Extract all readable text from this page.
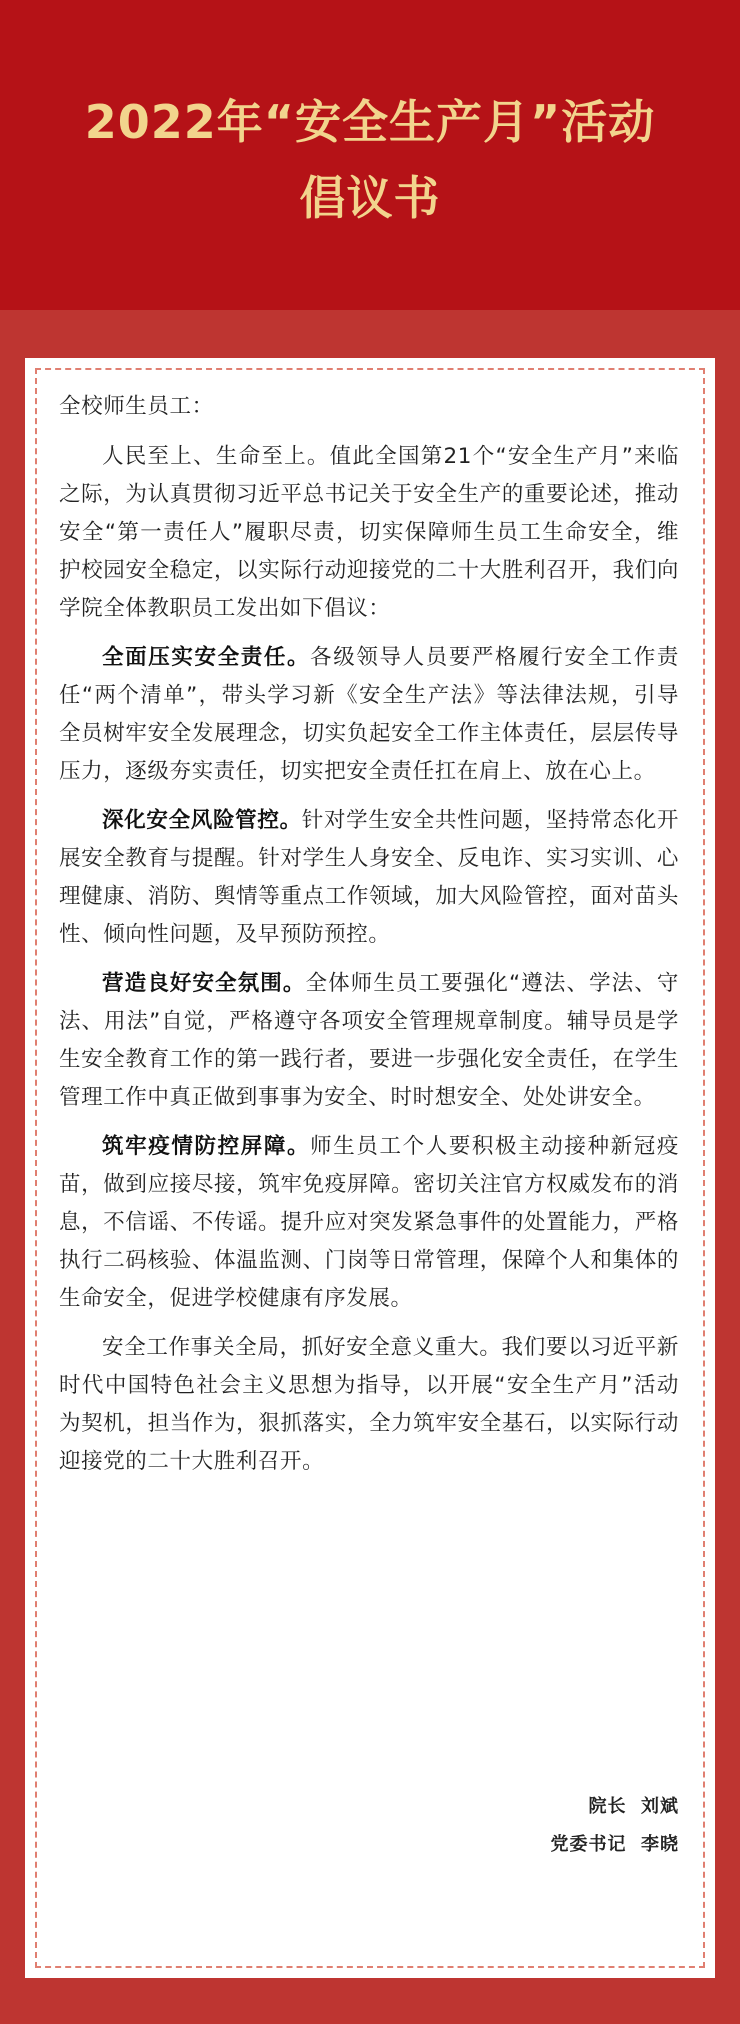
2022年“安全生产月”活动
倡议书

全校师生员工：

人民至上、生命至上。值此全国第21个“安全生产月”来临之际，为认真贯彻习近平总书记关于安全生产的重要论述，推动安全“第一责任人”履职尽责，切实保障师生员工生命安全，维护校园安全稳定，以实际行动迎接党的二十大胜利召开，我们向学院全体教职员工发出如下倡议：

全面压实安全责任。各级领导人员要严格履行安全工作责任“两个清单”，带头学习新《安全生产法》等法律法规，引导全员树牢安全发展理念，切实负起安全工作主体责任，层层传导压力，逐级夯实责任，切实把安全责任扛在肩上、放在心上。

深化安全风险管控。针对学生安全共性问题，坚持常态化开展安全教育与提醒。针对学生人身安全、反电诈、实习实训、心理健康、消防、舆情等重点工作领域，加大风险管控，面对苗头性、倾向性问题，及早预防预控。

营造良好安全氛围。全体师生员工要强化“遵法、学法、守法、用法”自觉，严格遵守各项安全管理规章制度。辅导员是学生安全教育工作的第一践行者，要进一步强化安全责任，在学生管理工作中真正做到事事为安全、时时想安全、处处讲安全。

筑牢疫情防控屏障。师生员工个人要积极主动接种新冠疫苗，做到应接尽接，筑牢免疫屏障。密切关注官方权威发布的消息，不信谣、不传谣。提升应对突发紧急事件的处置能力，严格执行二码核验、体温监测、门岗等日常管理，保障个人和集体的生命安全，促进学校健康有序发展。

安全工作事关全局，抓好安全意义重大。我们要以习近平新时代中国特色社会主义思想为指导，以开展“安全生产月”活动为契机，担当作为，狠抓落实，全力筑牢安全基石，以实际行动迎接党的二十大胜利召开。

院长  刘斌
党委书记  李晓
